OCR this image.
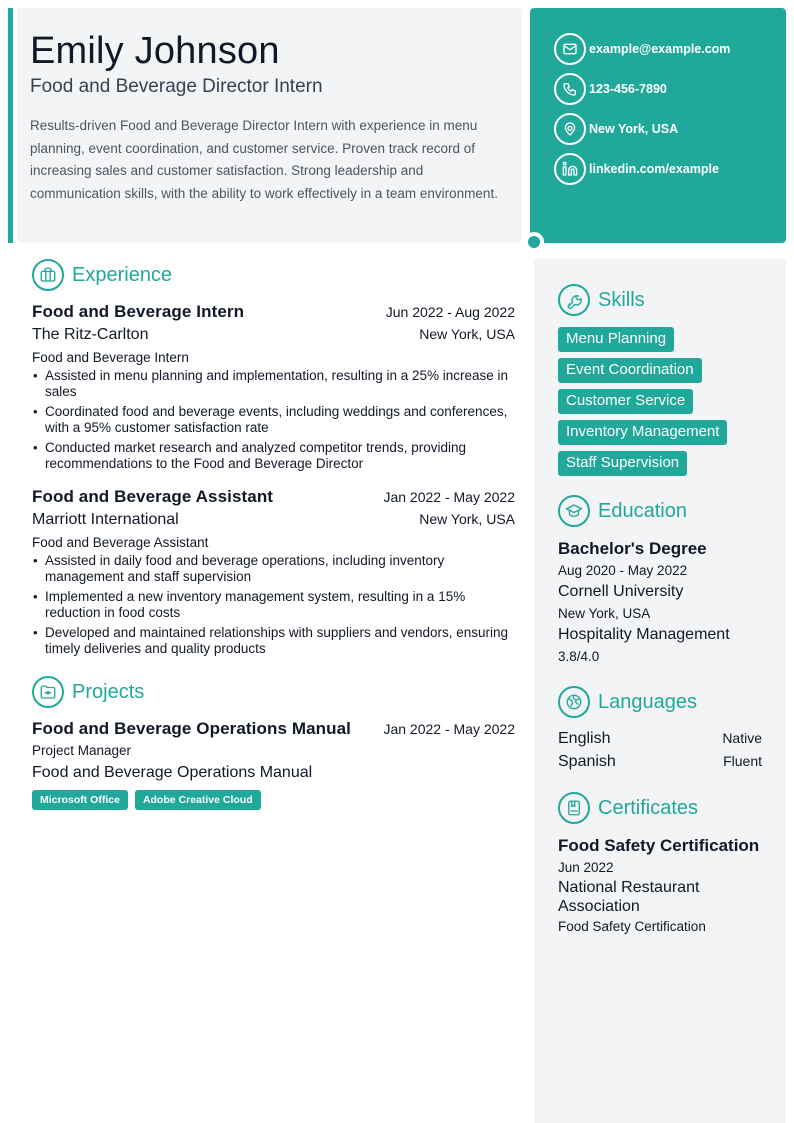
Emily Johnson
Food and Beverage Director Intern
Results-driven Food and Beverage Director Intern with experience in menu planning, event coordination, and customer service. Proven track record of increasing sales and customer satisfaction. Strong leadership and communication skills, with the ability to work effectively in a team environment.
example@example.com
123-456-7890
New York, USA
linkedin.com/example
Experience
Food and Beverage Intern	Jun 2022 - Aug 2022
The Ritz-Carlton	New York, USA
Food and Beverage Intern
• Assisted in menu planning and implementation, resulting in a 25% increase in sales
• Coordinated food and beverage events, including weddings and conferences, with a 95% customer satisfaction rate
• Conducted market research and analyzed competitor trends, providing recommendations to the Food and Beverage Director
Food and Beverage Assistant	Jan 2022 - May 2022
Marriott International	New York, USA
Food and Beverage Assistant
• Assisted in daily food and beverage operations, including inventory management and staff supervision
• Implemented a new inventory management system, resulting in a 15% reduction in food costs
• Developed and maintained relationships with suppliers and vendors, ensuring timely deliveries and quality products
Projects
Food and Beverage Operations Manual Jan 2022 - May 2022
Project Manager
Food and Beverage Operations Manual
Microsoft Office	Adobe Creative Cloud
Skills
Menu Planning
Event Coordination
Customer Service
Inventory Management
Staff Supervision
Education
Bachelor's Degree
Aug 2020 - May 2022
Cornell University
New York, USA
Hospitality Management
3.8/4.0
Languages
English	Native
Spanish	Fluent
Certificates
Food Safety Certification
Jun 2022
National Restaurant Association
Food Safety Certification
